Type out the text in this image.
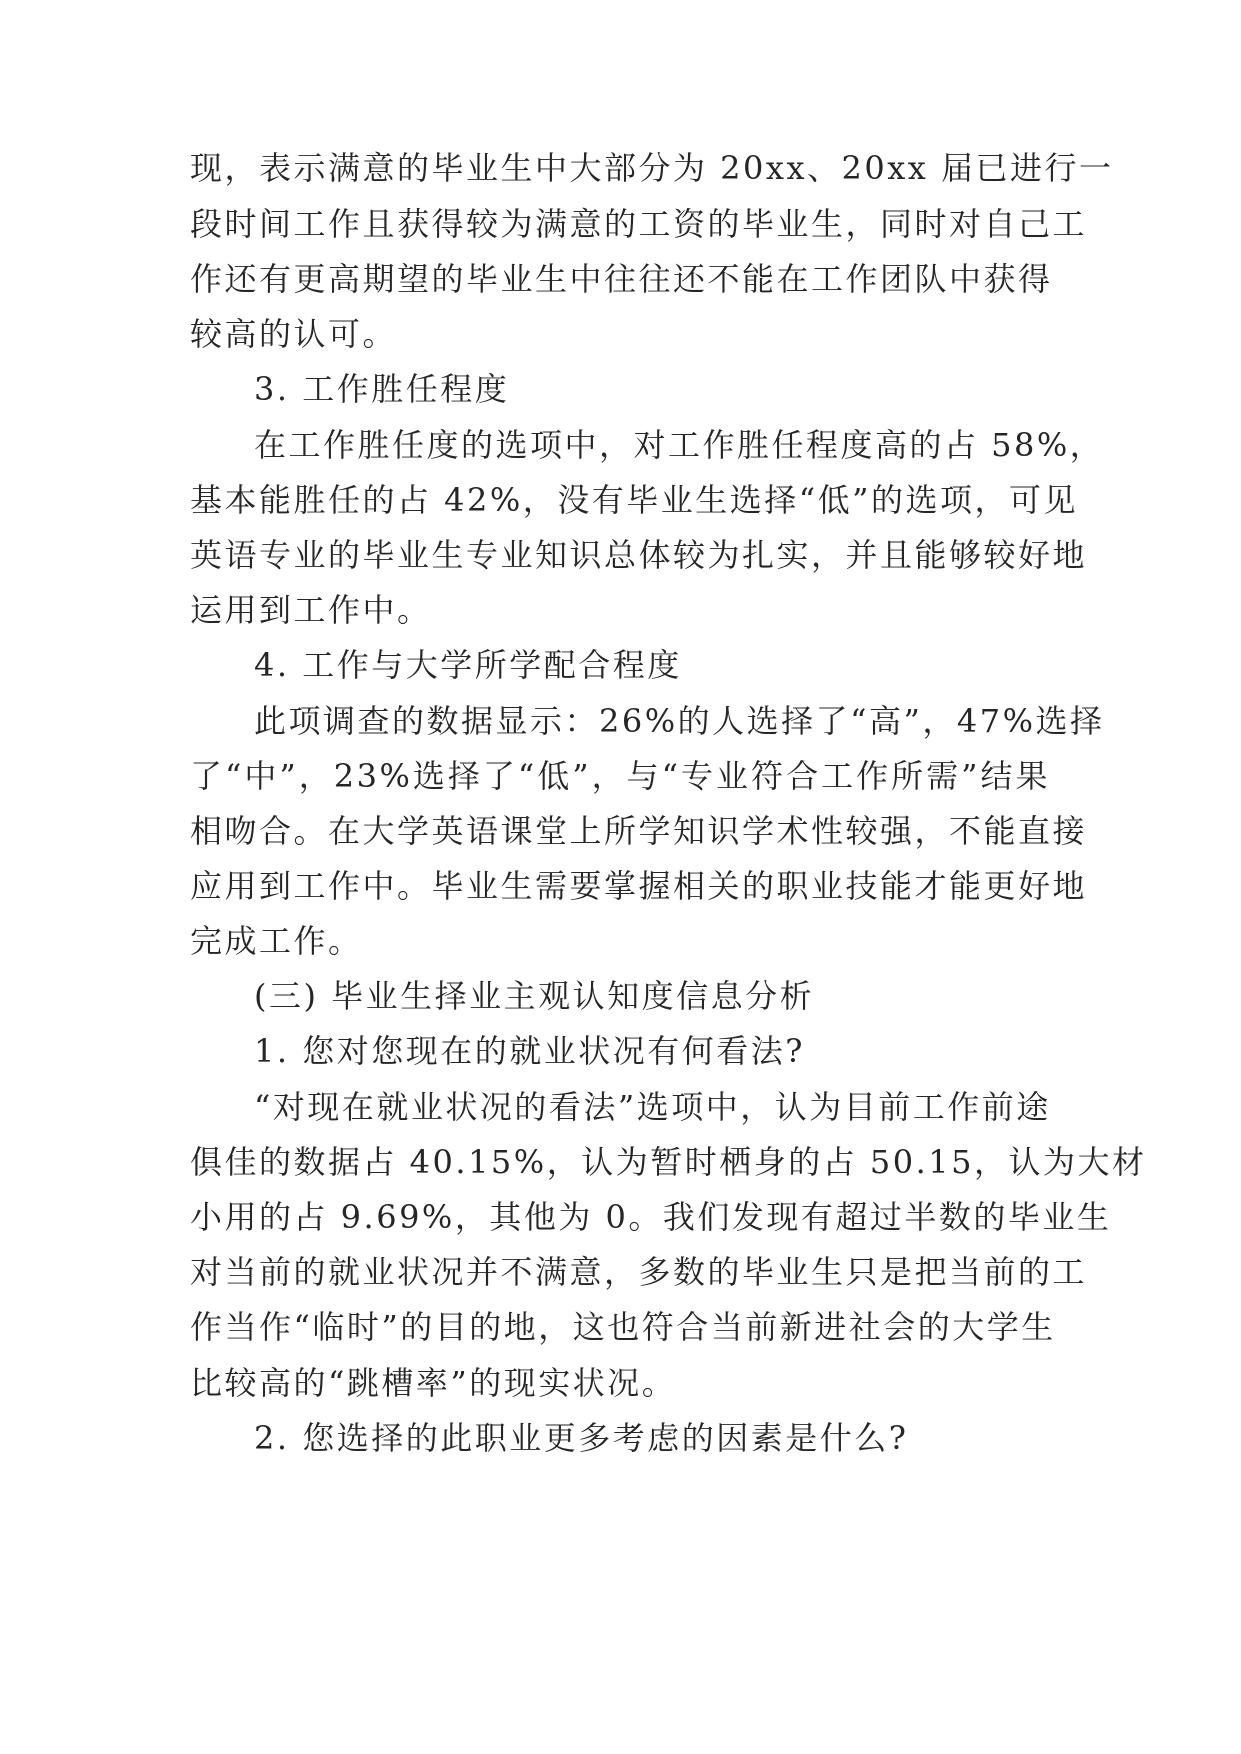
现，表示满意的毕业生中大部分为 20xx、20xx 届已进行一
段时间工作且获得较为满意的工资的毕业生，同时对自己工
作还有更高期望的毕业生中往往还不能在工作团队中获得
较高的认可。
3. 工作胜任程度
在工作胜任度的选项中，对工作胜任程度高的占 58%，
基本能胜任的占 42%，没有毕业生选择“低”的选项，可见
英语专业的毕业生专业知识总体较为扎实，并且能够较好地
运用到工作中。
4. 工作与大学所学配合程度
此项调查的数据显示：26%的人选择了“高”，47%选择
了“中”，23%选择了“低”，与“专业符合工作所需”结果
相吻合。在大学英语课堂上所学知识学术性较强，不能直接
应用到工作中。毕业生需要掌握相关的职业技能才能更好地
完成工作。
(三) 毕业生择业主观认知度信息分析
1. 您对您现在的就业状况有何看法?
“对现在就业状况的看法”选项中，认为目前工作前途
俱佳的数据占 40.15%，认为暂时栖身的占 50.15，认为大材
小用的占 9.69%，其他为 0。我们发现有超过半数的毕业生
对当前的就业状况并不满意，多数的毕业生只是把当前的工
作当作“临时”的目的地，这也符合当前新进社会的大学生
比较高的“跳槽率”的现实状况。
2. 您选择的此职业更多考虑的因素是什么?
